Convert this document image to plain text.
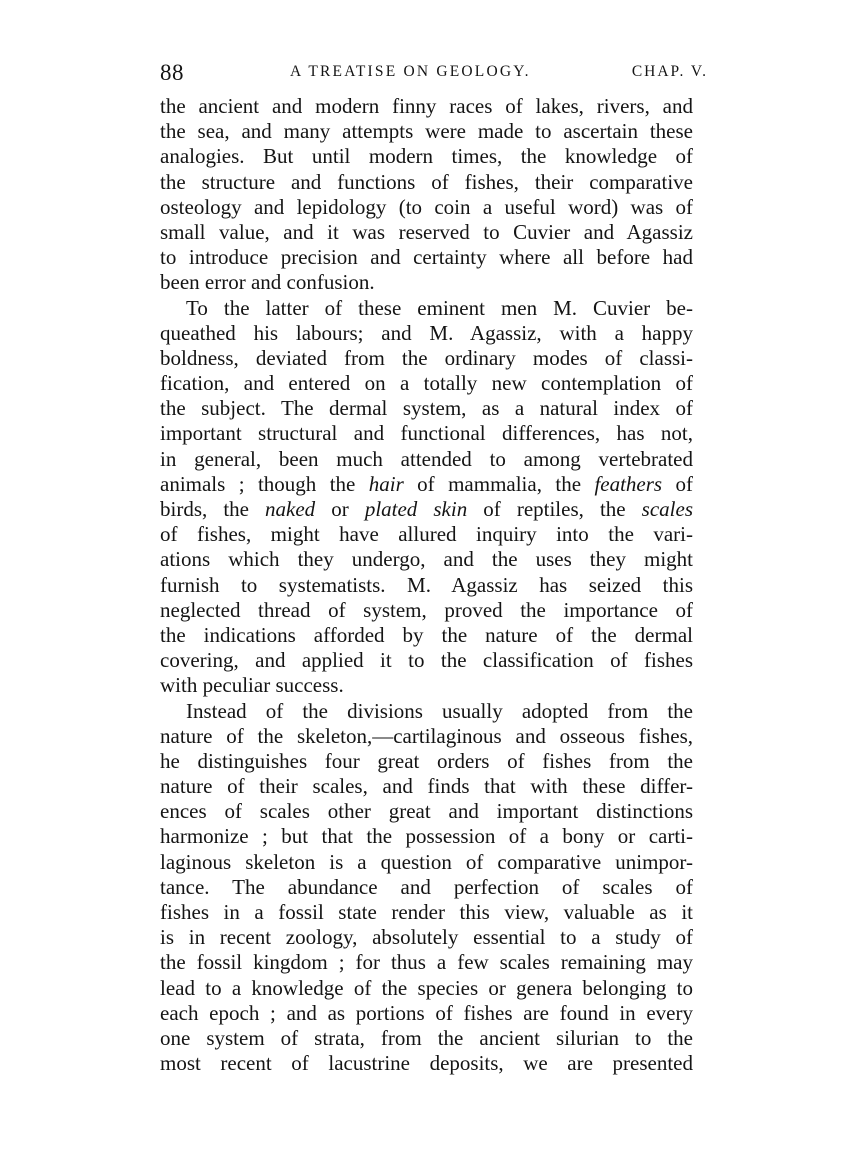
88	A TREATISE ON GEOLOGY.	CHAP. V.
the ancient and modern finny races of lakes, rivers, and
the sea, and many attempts were made to ascertain these
analogies. But until modern times, the knowledge of
the structure and functions of fishes, their comparative
osteology and lepidology (to coin a useful word) was of
small value, and it was reserved to Cuvier and Agassiz
to introduce precision and certainty where all before had
been error and confusion.
To the latter of these eminent men M. Cuvier be-
queathed his labours; and M. Agassiz, with a happy
boldness, deviated from the ordinary modes of classi-
fication, and entered on a totally new contemplation of
the subject. The dermal system, as a natural index of
important structural and functional differences, has not,
in general, been much attended to among vertebrated
animals ; though the hair of mammalia, the feathers of
birds, the naked or plated skin of reptiles, the scales
of fishes, might have allured inquiry into the vari-
ations which they undergo, and the uses they might
furnish to systematists. M. Agassiz has seized this
neglected thread of system, proved the importance of
the indications afforded by the nature of the dermal
covering, and applied it to the classification of fishes
with peculiar success.
Instead of the divisions usually adopted from the
nature of the skeleton,—cartilaginous and osseous fishes,
he distinguishes four great orders of fishes from the
nature of their scales, and finds that with these differ-
ences of scales other great and important distinctions
harmonize ; but that the possession of a bony or carti-
laginous skeleton is a question of comparative unimpor-
tance. The abundance and perfection of scales of
fishes in a fossil state render this view, valuable as it
is in recent zoology, absolutely essential to a study of
the fossil kingdom ; for thus a few scales remaining may
lead to a knowledge of the species or genera belonging to
each epoch ; and as portions of fishes are found in every
one system of strata, from the ancient silurian to the
most recent of lacustrine deposits, we are presented
